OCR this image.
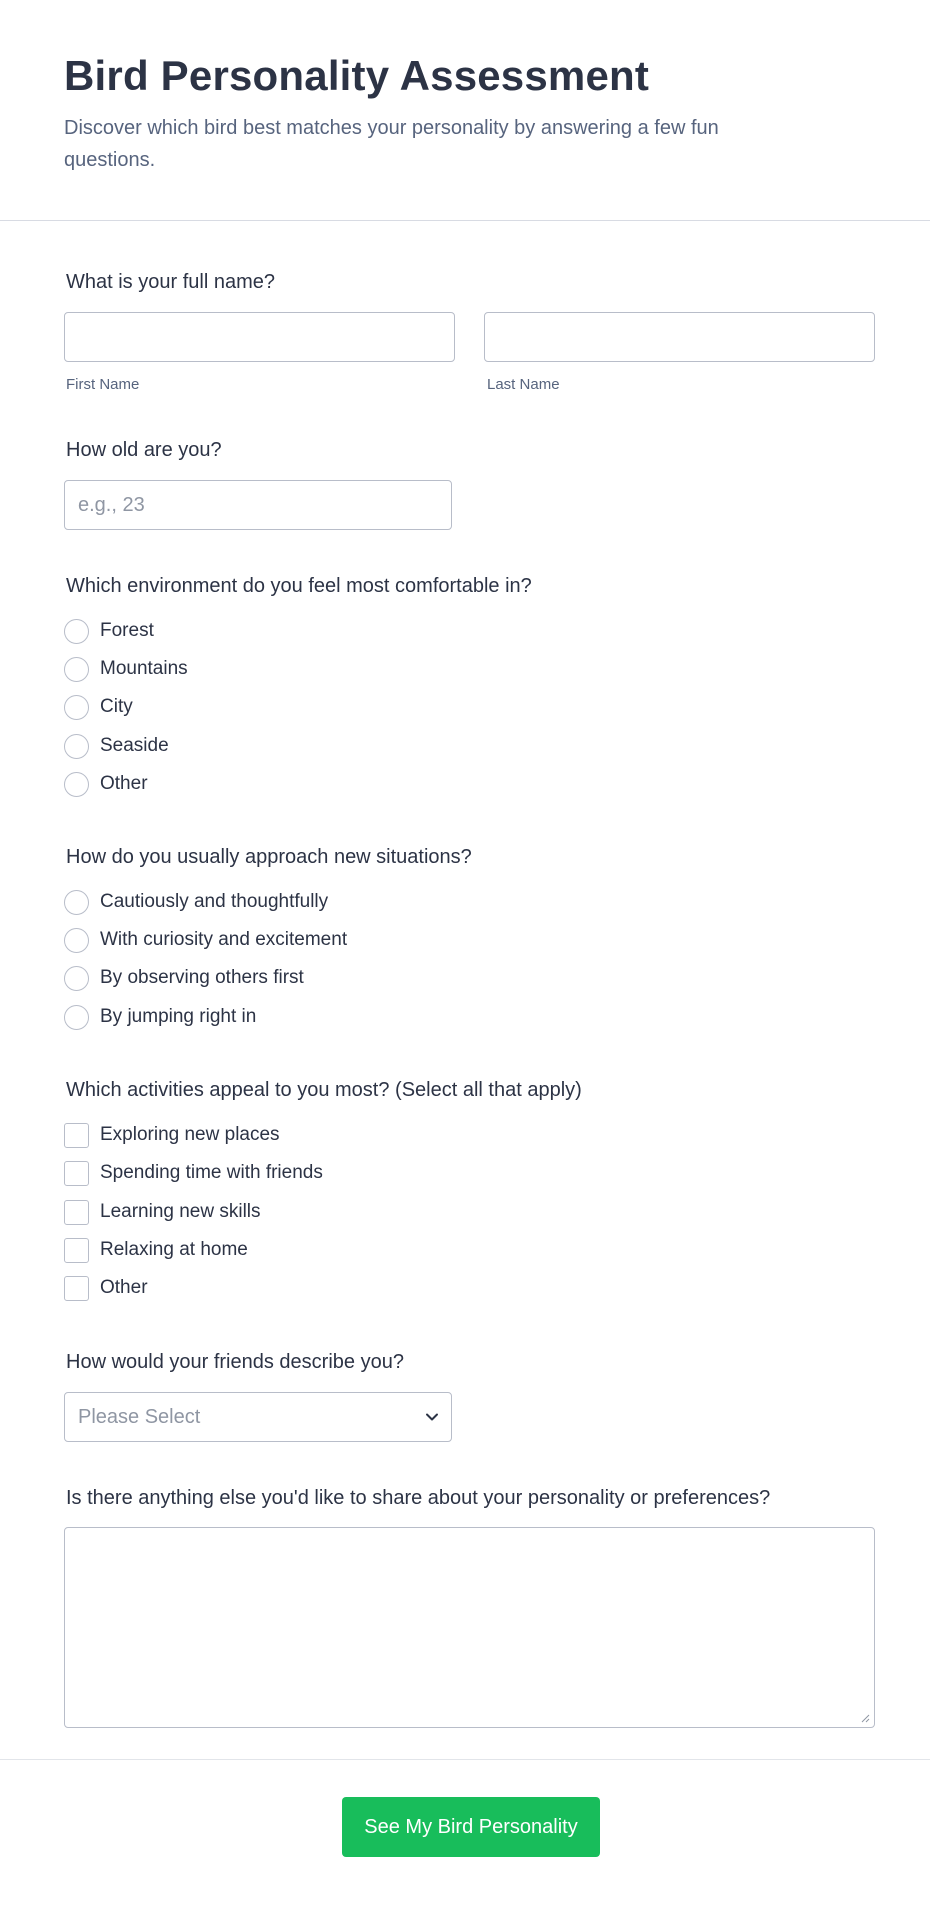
Bird Personality Assessment

Discover which bird best matches your personality by answering a few fun questions.

What is your full name?
First Name	Last Name
How old are you?
e.g., 23
Which environment do you feel most comfortable in?
Forest
Mountains
City
Seaside
Other
How do you usually approach new situations?
Cautiously and thoughtfully
With curiosity and excitement
By observing others first
By jumping right in
Which activities appeal to you most? (Select all that apply)
Exploring new places
Spending time with friends
Learning new skills
Relaxing at home
Other
How would your friends describe you?
Please Select
Is there anything else you'd like to share about your personality or preferences?
See My Bird Personality
